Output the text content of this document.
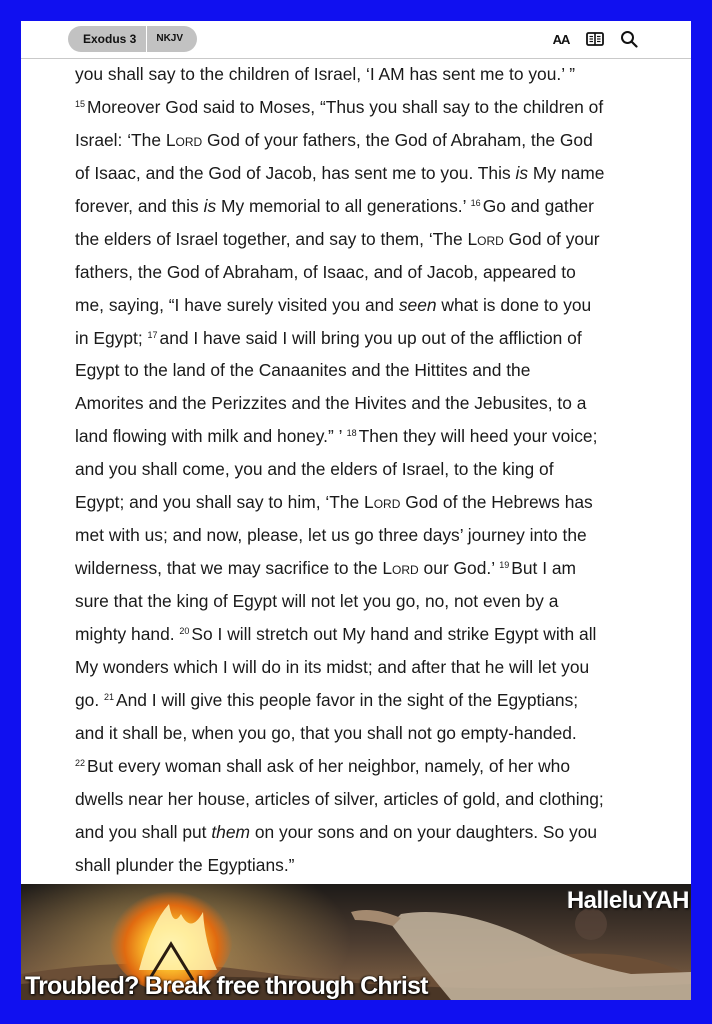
Exodus 3	NKJV	AA
you shall say to the children of Israel, ‘I AM has sent me to you.’ ”
$^{15}$ Moreover God said to Moses, “Thus you shall say to the children of
Israel: ‘The Lord God of your fathers, the God of Abraham, the God
of Isaac, and the God of Jacob, has sent me to you. This is My name
forever, and this is My memorial to all generations.’ $^{16}$ Go and gather
the elders of Israel together, and say to them, ‘The Lord God of your
fathers, the God of Abraham, of Isaac, and of Jacob, appeared to
me, saying, “I have surely visited you and seen what is done to you
in Egypt; $^{17}$ and I have said I will bring you up out of the affliction of
Egypt to the land of the Canaanites and the Hittites and the
Amorites and the Perizzites and the Hivites and the Jebusites, to a
land flowing with milk and honey.” ’ $^{18}$ Then they will heed your voice;
and you shall come, you and the elders of Israel, to the king of
Egypt; and you shall say to him, ‘The Lord God of the Hebrews has
met with us; and now, please, let us go three days’ journey into the
wilderness, that we may sacrifice to the Lord our God.’ $^{19}$ But I am
sure that the king of Egypt will not let you go, no, not even by a
mighty hand. $^{20}$ So I will stretch out My hand and strike Egypt with all
My wonders which I will do in its midst; and after that he will let you
go. $^{21}$ And I will give this people favor in the sight of the Egyptians;
and it shall be, when you go, that you shall not go empty-handed.
$^{22}$ But every woman shall ask of her neighbor, namely, of her who
dwells near her house, articles of silver, articles of gold, and clothing;
and you shall put them on your sons and on your daughters. So you
shall plunder the Egyptians.”
HalleluYAH
Troubled? Break free through Christ
